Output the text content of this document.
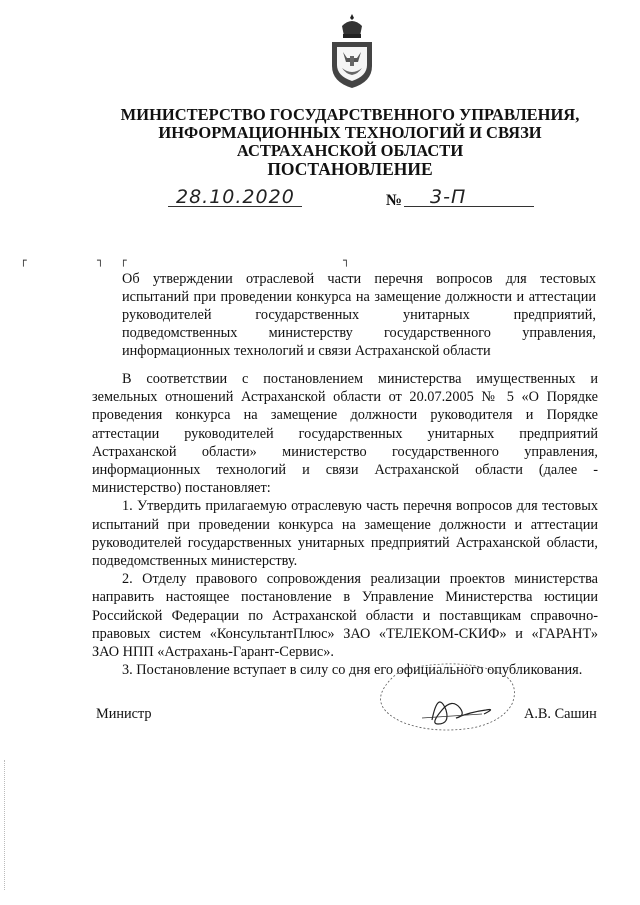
МИНИСТЕРСТВО ГОСУДАРСТВЕННОГО УПРАВЛЕНИЯ,
ИНФОРМАЦИОННЫХ ТЕХНОЛОГИЙ И СВЯЗИ
АСТРАХАНСКОЙ ОБЛАСТИ
ПОСТАНОВЛЕНИЕ
28.10.2020	№ 3-П
┌	┐ ┌	┐
Об утверждении отраслевой части перечня вопросов для тестовых
испытаний при проведении конкурса на замещение должности и аттестации
руководителей государственных унитарных предприятий,
подведомственных министерству государственного управления,
информационных технологий и связи Астраханской области
В соответствии с постановлением министерства имущественных и
земельных отношений Астраханской области от 20.07.2005 № 5 «О Порядке
проведения конкурса на замещение должности руководителя и Порядке
аттестации руководителей государственных унитарных предприятий
Астраханской области» министерство государственного управления,
информационных технологий и связи Астраханской области (далее -
министерство) постановляет:
1. Утвердить прилагаемую отраслевую часть перечня вопросов для тестовых
испытаний при проведении конкурса на замещение должности и аттестации
руководителей государственных унитарных предприятий Астраханской области,
подведомственных министерству.
2. Отделу правового сопровождения реализации проектов министерства
направить настоящее постановление в Управление Министерства юстиции
Российской Федерации по Астраханской области и поставщикам справочно-
правовых систем «КонсультантПлюс» ЗАО «ТЕЛЕКОМ-СКИФ» и «ГАРАНТ»
ЗАО НПП «Астрахань-Гарант-Сервис».
3. Постановление вступает в силу со дня его официального опубликования.
Министр	А.В. Сашин
